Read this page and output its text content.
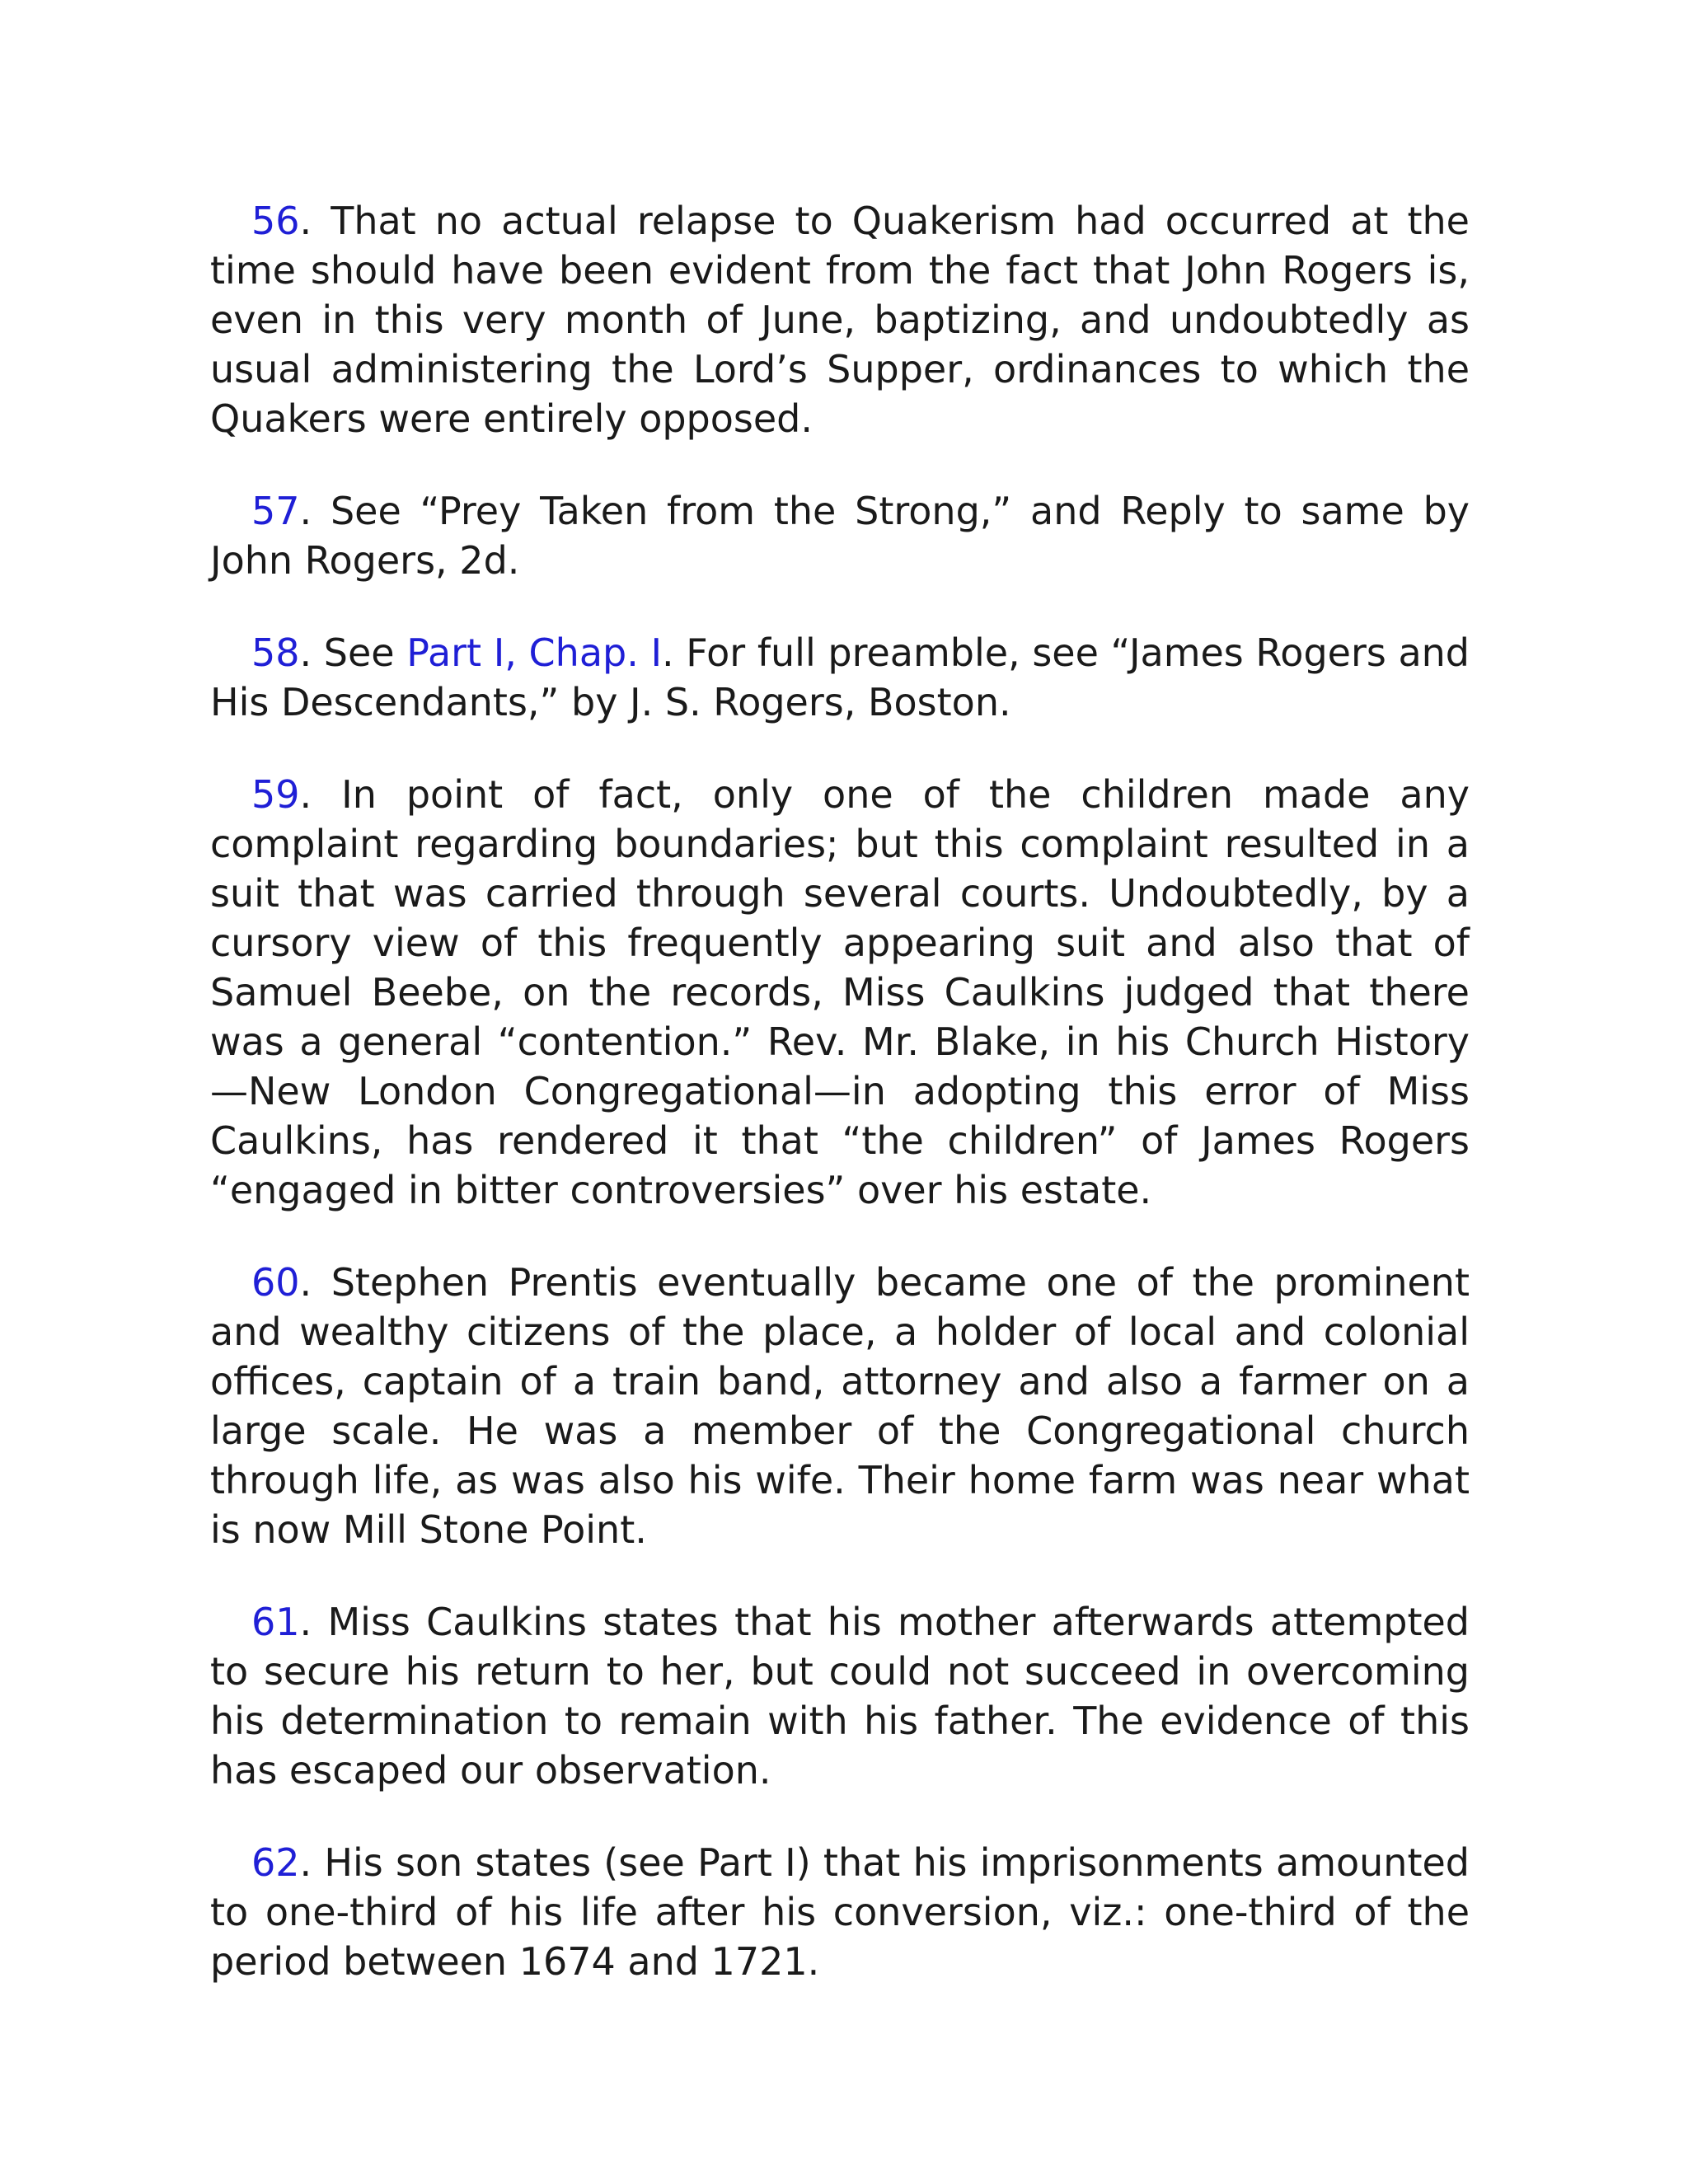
56. That no actual relapse to Quakerism had occurred at the time should have been evident from the fact that John Rogers is, even in this very month of June, baptizing, and undoubtedly as usual administering the Lord’s Supper, ordinances to which the Quakers were entirely opposed.

57. See “Prey Taken from the Strong,” and Reply to same by John Rogers, 2d.

58. See Part I, Chap. I. For full preamble, see “James Rogers and His Descendants,” by J. S. Rogers, Boston.

59. In point of fact, only one of the children made any complaint regarding boundaries; but this complaint resulted in a suit that was carried through several courts. Undoubtedly, by a cursory view of this frequently appearing suit and also that of Samuel Beebe, on the records, Miss Caulkins judged that there was a general “contention.” Rev. Mr. Blake, in his Church History—New London Congregational—in adopting this error of Miss Caulkins, has rendered it that “the children” of James Rogers “engaged in bitter controversies” over his estate.

60. Stephen Prentis eventually became one of the prominent and wealthy citizens of the place, a holder of local and colonial offices, captain of a train band, attorney and also a farmer on a large scale. He was a member of the Congregational church through life, as was also his wife. Their home farm was near what is now Mill Stone Point.

61. Miss Caulkins states that his mother afterwards attempted to secure his return to her, but could not succeed in overcoming his determination to remain with his father. The evidence of this has escaped our observation.

62. His son states (see Part I) that his imprisonments amounted to one-third of his life after his conversion, viz.: one-third of the period between 1674 and 1721.
